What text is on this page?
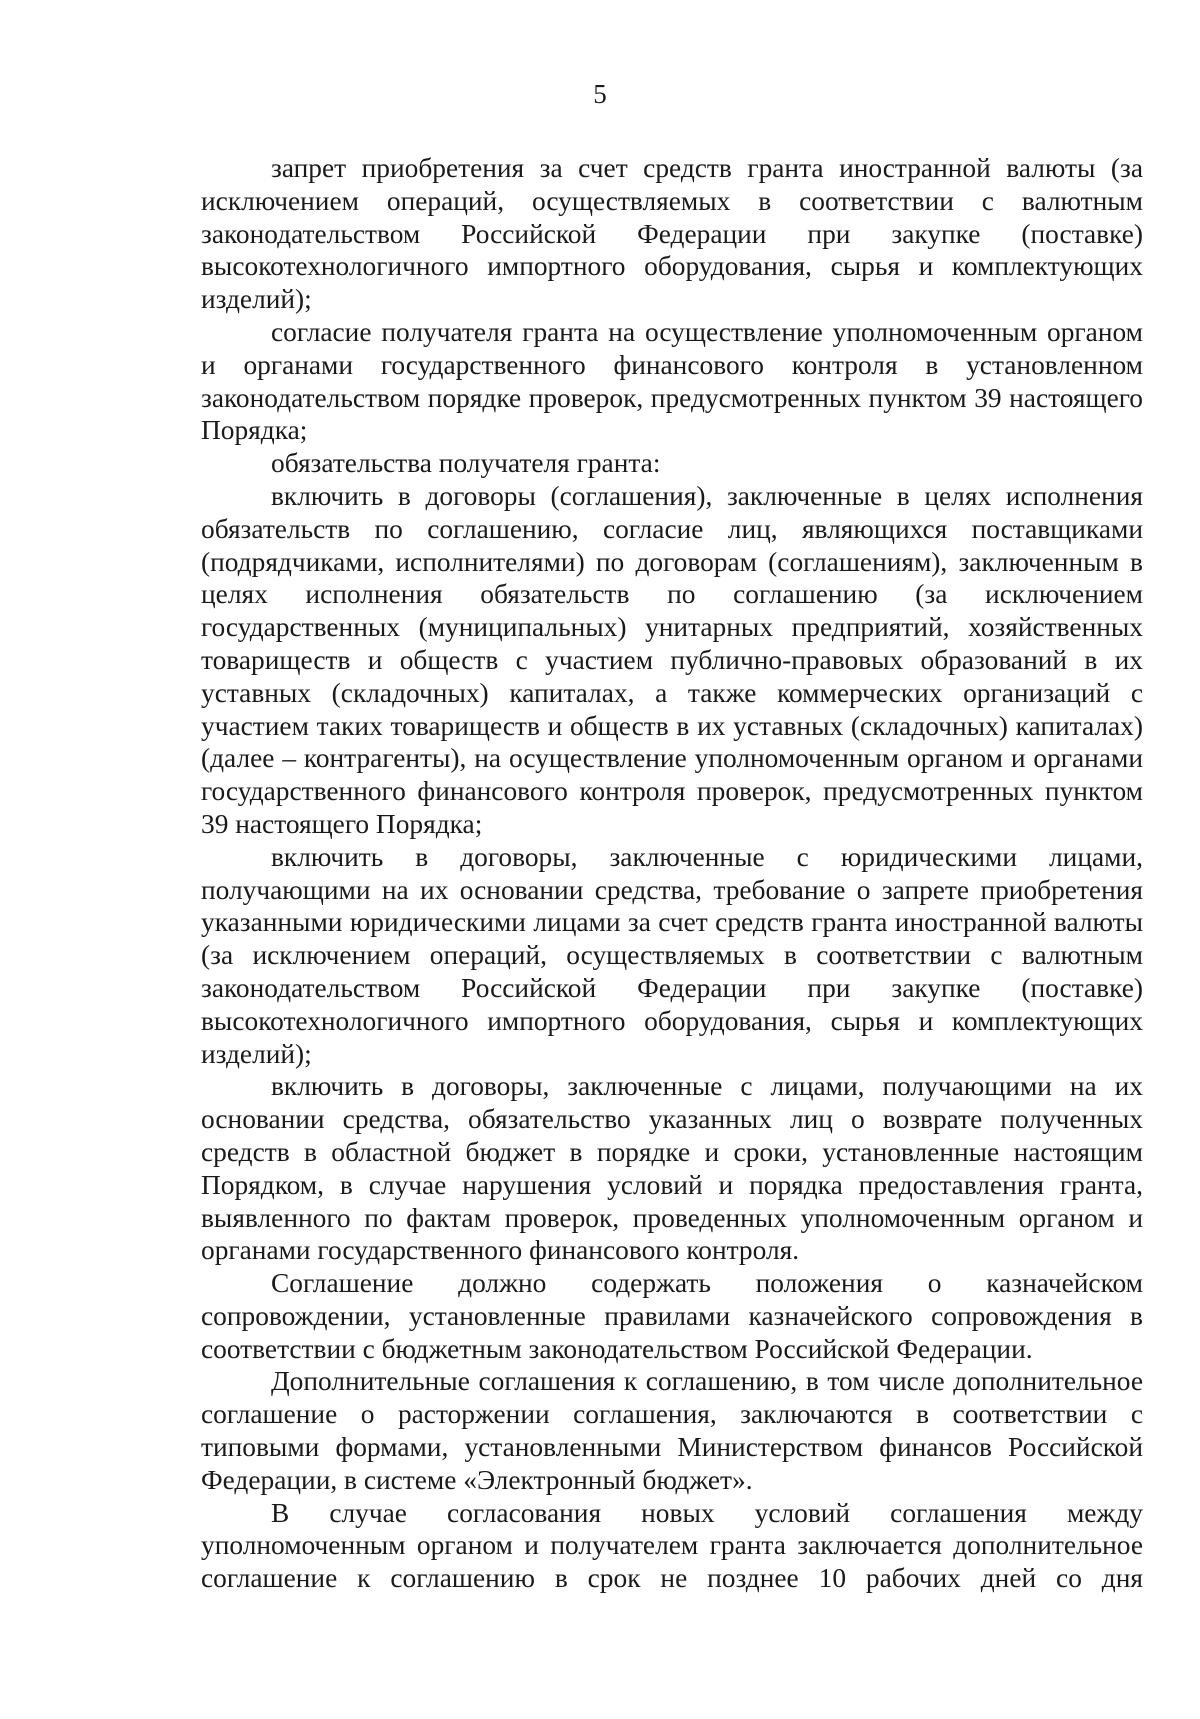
5

запрет приобретения за счет средств гранта иностранной валюты (за исключением операций, осуществляемых в соответствии с валютным законодательством Российской Федерации при закупке (поставке) высокотехнологичного импортного оборудования, сырья и комплектующих изделий);

согласие получателя гранта на осуществление уполномоченным органом и органами государственного финансового контроля в установленном законодательством порядке проверок, предусмотренных пунктом 39 настоящего Порядка;

обязательства получателя гранта:

включить в договоры (соглашения), заключенные в целях исполнения обязательств по соглашению, согласие лиц, являющихся поставщиками (подрядчиками, исполнителями) по договорам (соглашениям), заключенным в целях исполнения обязательств по соглашению (за исключением государственных (муниципальных) унитарных предприятий, хозяйственных товариществ и обществ с участием публично-правовых образований в их уставных (складочных) капиталах, а также коммерческих организаций с участием таких товариществ и обществ в их уставных (складочных) капиталах) (далее – контрагенты), на осуществление уполномоченным органом и органами государственного финансового контроля проверок, предусмотренных пунктом 39 настоящего Порядка;

включить в договоры, заключенные с юридическими лицами, получающими на их основании средства, требование о запрете приобретения указанными юридическими лицами за счет средств гранта иностранной валюты (за исключением операций, осуществляемых в соответствии с валютным законодательством Российской Федерации при закупке (поставке) высокотехнологичного импортного оборудования, сырья и комплектующих изделий);

включить в договоры, заключенные с лицами, получающими на их основании средства, обязательство указанных лиц о возврате полученных средств в областной бюджет в порядке и сроки, установленные настоящим Порядком, в случае нарушения условий и порядка предоставления гранта, выявленного по фактам проверок, проведенных уполномоченным органом и органами государственного финансового контроля.

Соглашение должно содержать положения о казначейском сопровождении, установленные правилами казначейского сопровождения в соответствии с бюджетным законодательством Российской Федерации.

Дополнительные соглашения к соглашению, в том числе дополнительное соглашение о расторжении соглашения, заключаются в соответствии с типовыми формами, установленными Министерством финансов Российской Федерации, в системе «Электронный бюджет».

В случае согласования новых условий соглашения между уполномоченным органом и получателем гранта заключается дополнительное соглашение к соглашению в срок не позднее 10 рабочих дней со дня
